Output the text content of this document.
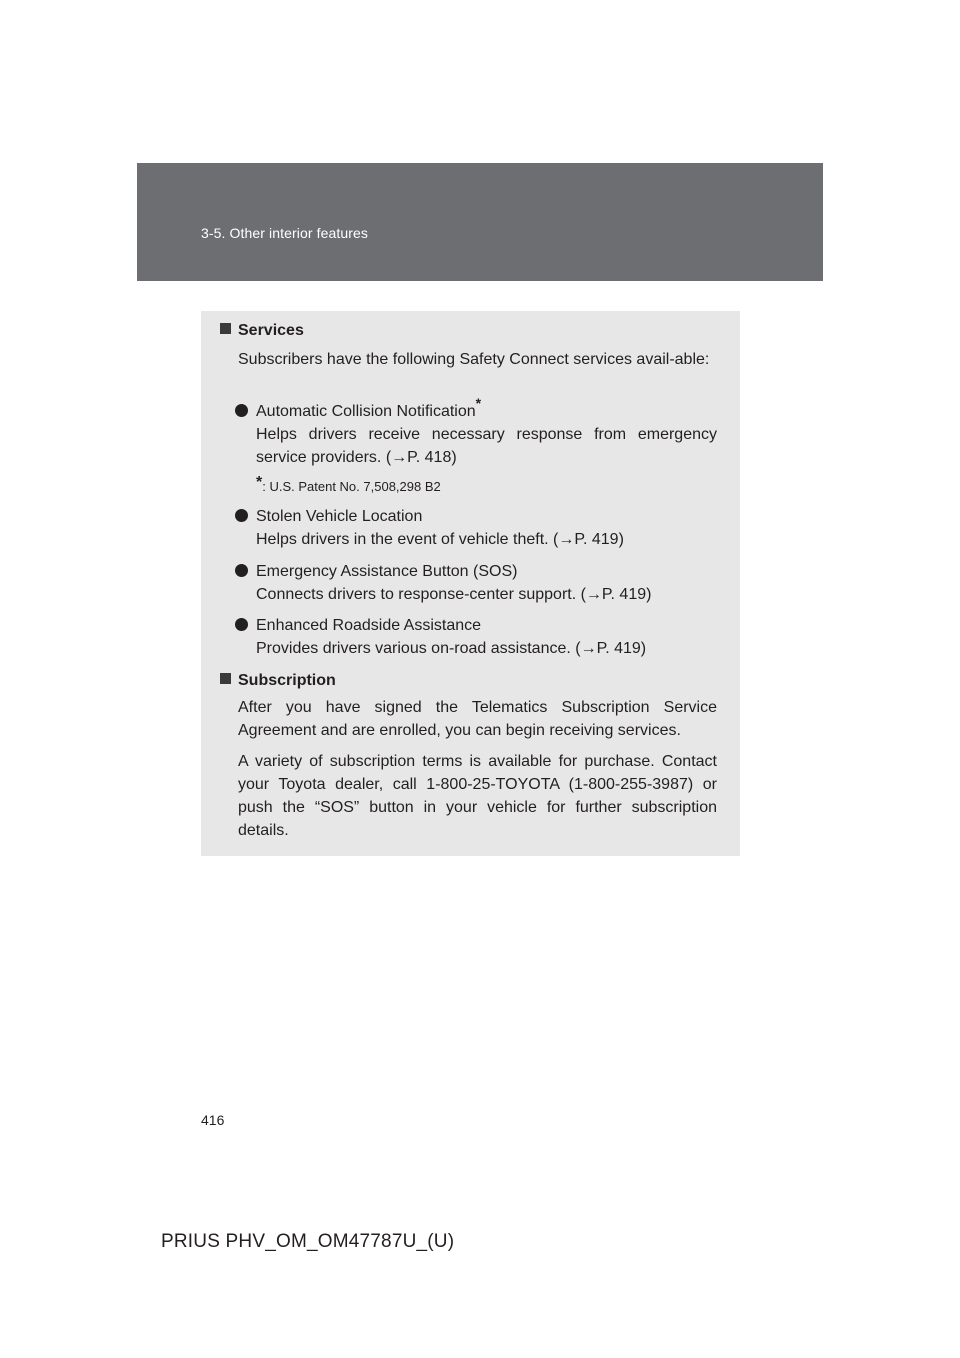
3-5. Other interior features
Services
Subscribers have the following Safety Connect services avail-able:
Automatic Collision Notification*
Helps drivers receive necessary response from emergency
service providers. (→P. 418)
*: U.S. Patent No. 7,508,298 B2
Stolen Vehicle Location
Helps drivers in the event of vehicle theft. (→P. 419)
Emergency Assistance Button (SOS)
Connects drivers to response-center support. (→P. 419)
Enhanced Roadside Assistance
Provides drivers various on-road assistance. (→P. 419)
Subscription
After you have signed the Telematics Subscription Service Agreement and are enrolled, you can begin receiving services.
A variety of subscription terms is available for purchase. Contact your Toyota dealer, call 1-800-25-TOYOTA (1-800-255-3987) or push the “SOS” button in your vehicle for further subscription details.
416
PRIUS PHV_OM_OM47787U_(U)
